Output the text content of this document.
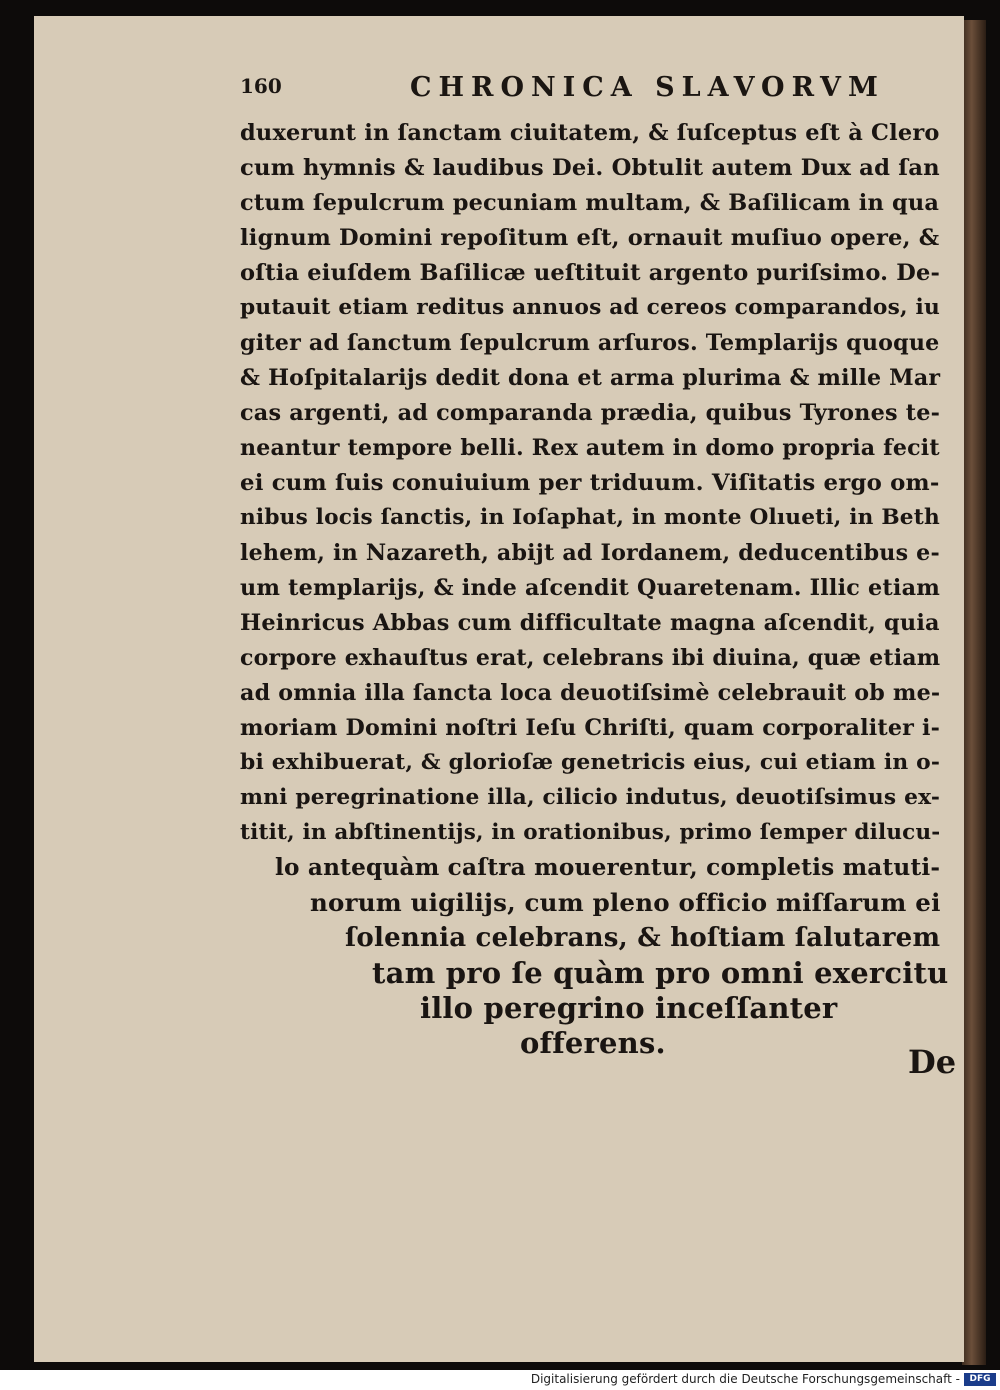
160	CHRONICA SLAVORVM
duxerunt in ſanctam ciuitatem, & ſuſceptus eſt à Clero
cum hymnis & laudibus Dei. Obtulit autem Dux ad ſan
ctum ſepulcrum pecuniam multam, & Baſilicam in qua
lignum Domini repoſitum eſt, ornauit muſiuo opere, &
oſtia eiuſdem Baſilicæ ueſtituit argento puriſsimo. De-
putauit etiam reditus annuos ad cereos comparandos, iu
giter ad ſanctum ſepulcrum arſuros. Templarijs quoque
& Hoſpitalarijs dedit dona et arma plurima & mille Mar
cas argenti, ad comparanda prædia, quibus Tyrones te-
neantur tempore belli. Rex autem in domo propria fecit
ei cum ſuis conuiuium per triduum. Viſitatis ergo om-
nibus locis ſanctis, in Ioſaphat, in monte Olıueti, in Beth
lehem, in Nazareth, abijt ad Iordanem, deducentibus e-
um templarijs, & inde aſcendit Quaretenam. Illic etiam
Heinricus Abbas cum difficultate magna aſcendit, quia
corpore exhauſtus erat, celebrans ibi diuina, quæ etiam
ad omnia illa ſancta loca deuotiſsimè celebrauit ob me-
moriam Domini noſtri Ieſu Chriſti, quam corporaliter i-
bi exhibuerat, & glorioſæ genetricis eius, cui etiam in o-
mni peregrinatione illa, cilicio indutus, deuotiſsimus ex-
titit, in abſtinentijs, in orationibus, primo ſemper dilucu-
lo antequàm caſtra mouerentur, completis matuti-
norum uigilijs, cum pleno officio miſſarum ei
ſolennia celebrans, & hoſtiam ſalutarem
tam pro ſe quàm pro omni exercitu
illo peregrino inceſſanter
offerens.	De
Digitalisierung gefördert durch die Deutsche Forschungsgemeinschaft -	DFG
